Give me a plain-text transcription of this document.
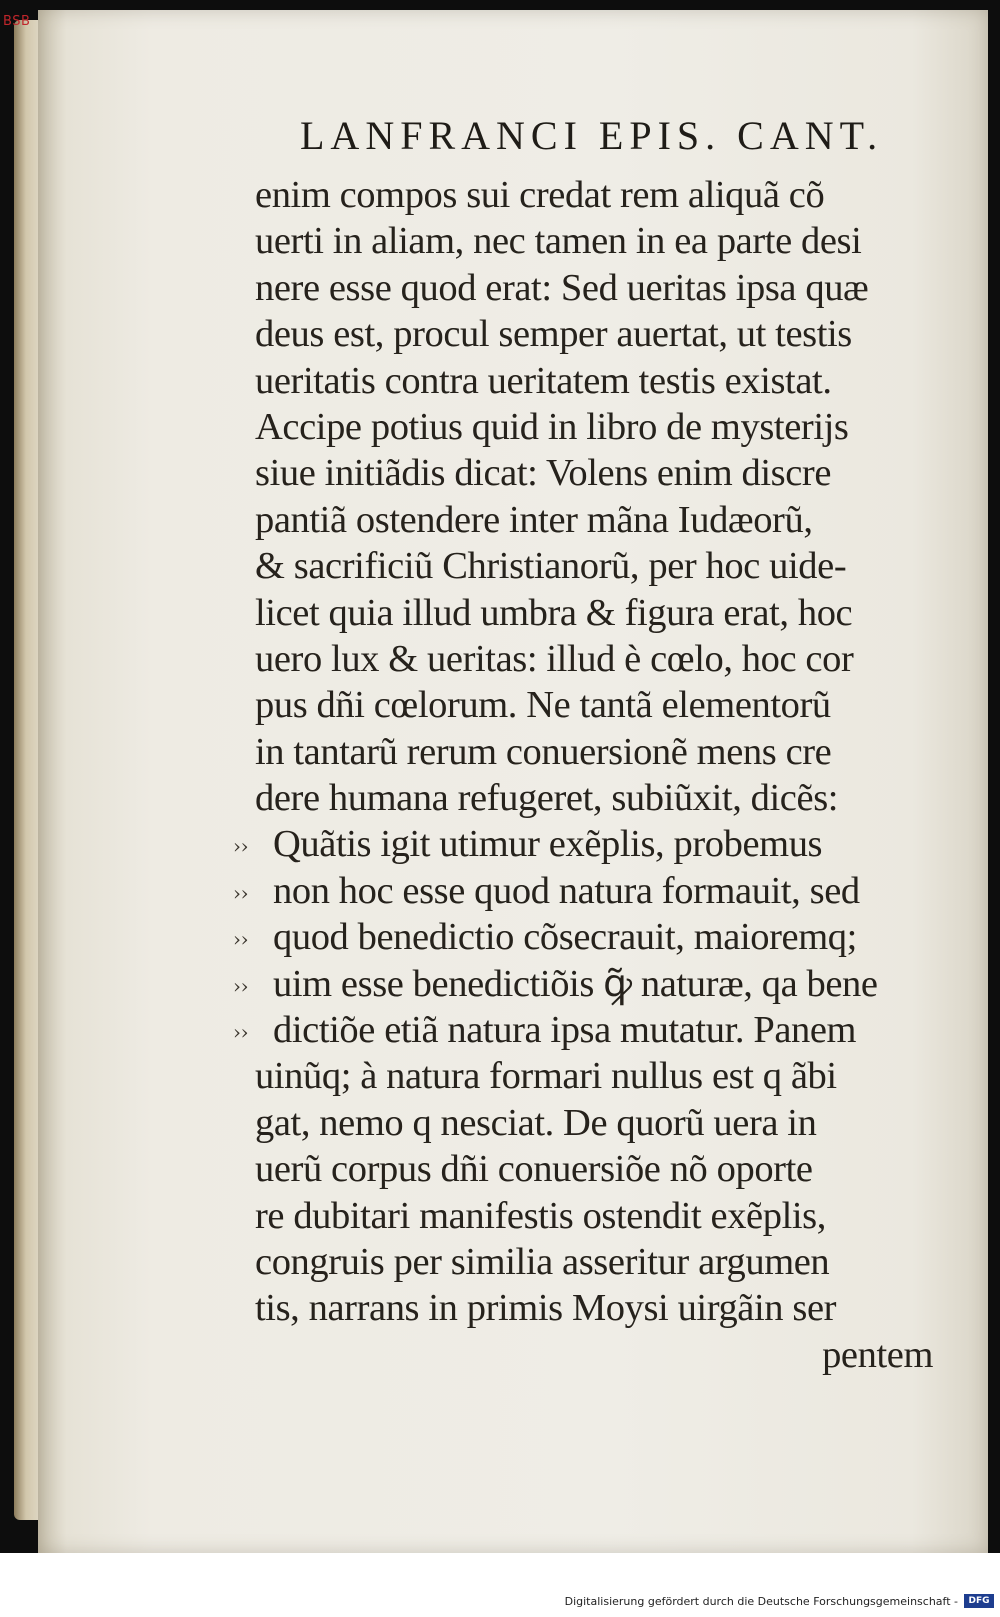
BSB
LANFRANCI EPIS. CANT.
enim compos sui credat rem aliquã cõ
uerti in aliam, nec tamen in ea parte desi
nere esse quod erat: Sed ueritas ipsa quæ
deus est, procul semper auertat, ut testis
ueritatis contra ueritatem testis existat.
Accipe potius quid in libro de mysterijs
siue initiãdis dicat: Volens enim discre
pantiã ostendere inter mãna Iudæorũ,
& sacrificiũ Christianorũ, per hoc uide-
licet quia illud umbra & figura erat, hoc
uero lux & ueritas: illud è cœlo, hoc cor
pus dñi cœlorum. Ne tantã elementorũ
in tantarũ rerum conuersionẽ mens cre
dere humana refugeret, subiũxit, dicẽs:
›› Quãtis igit utimur exẽplis, probemus
›› non hoc esse quod natura formauit, sed
›› quod benedictio cõsecrauit, maioremq;
›› uim esse benedictiõis ꝙ̃ naturæ, qa bene
›› dictiõe etiã natura ipsa mutatur. Panem
uinũq; à natura formari nullus est q ãbi
gat, nemo q nesciat. De quorũ uera in
uerũ corpus dñi conuersiõe nõ oporte
re dubitari manifestis ostendit exẽplis,
congruis per similia asseritur argumen
tis, narrans in primis Moysi uirgãin ser
pentem
Digitalisierung gefördert durch die Deutsche Forschungsgemeinschaft -	DFG
